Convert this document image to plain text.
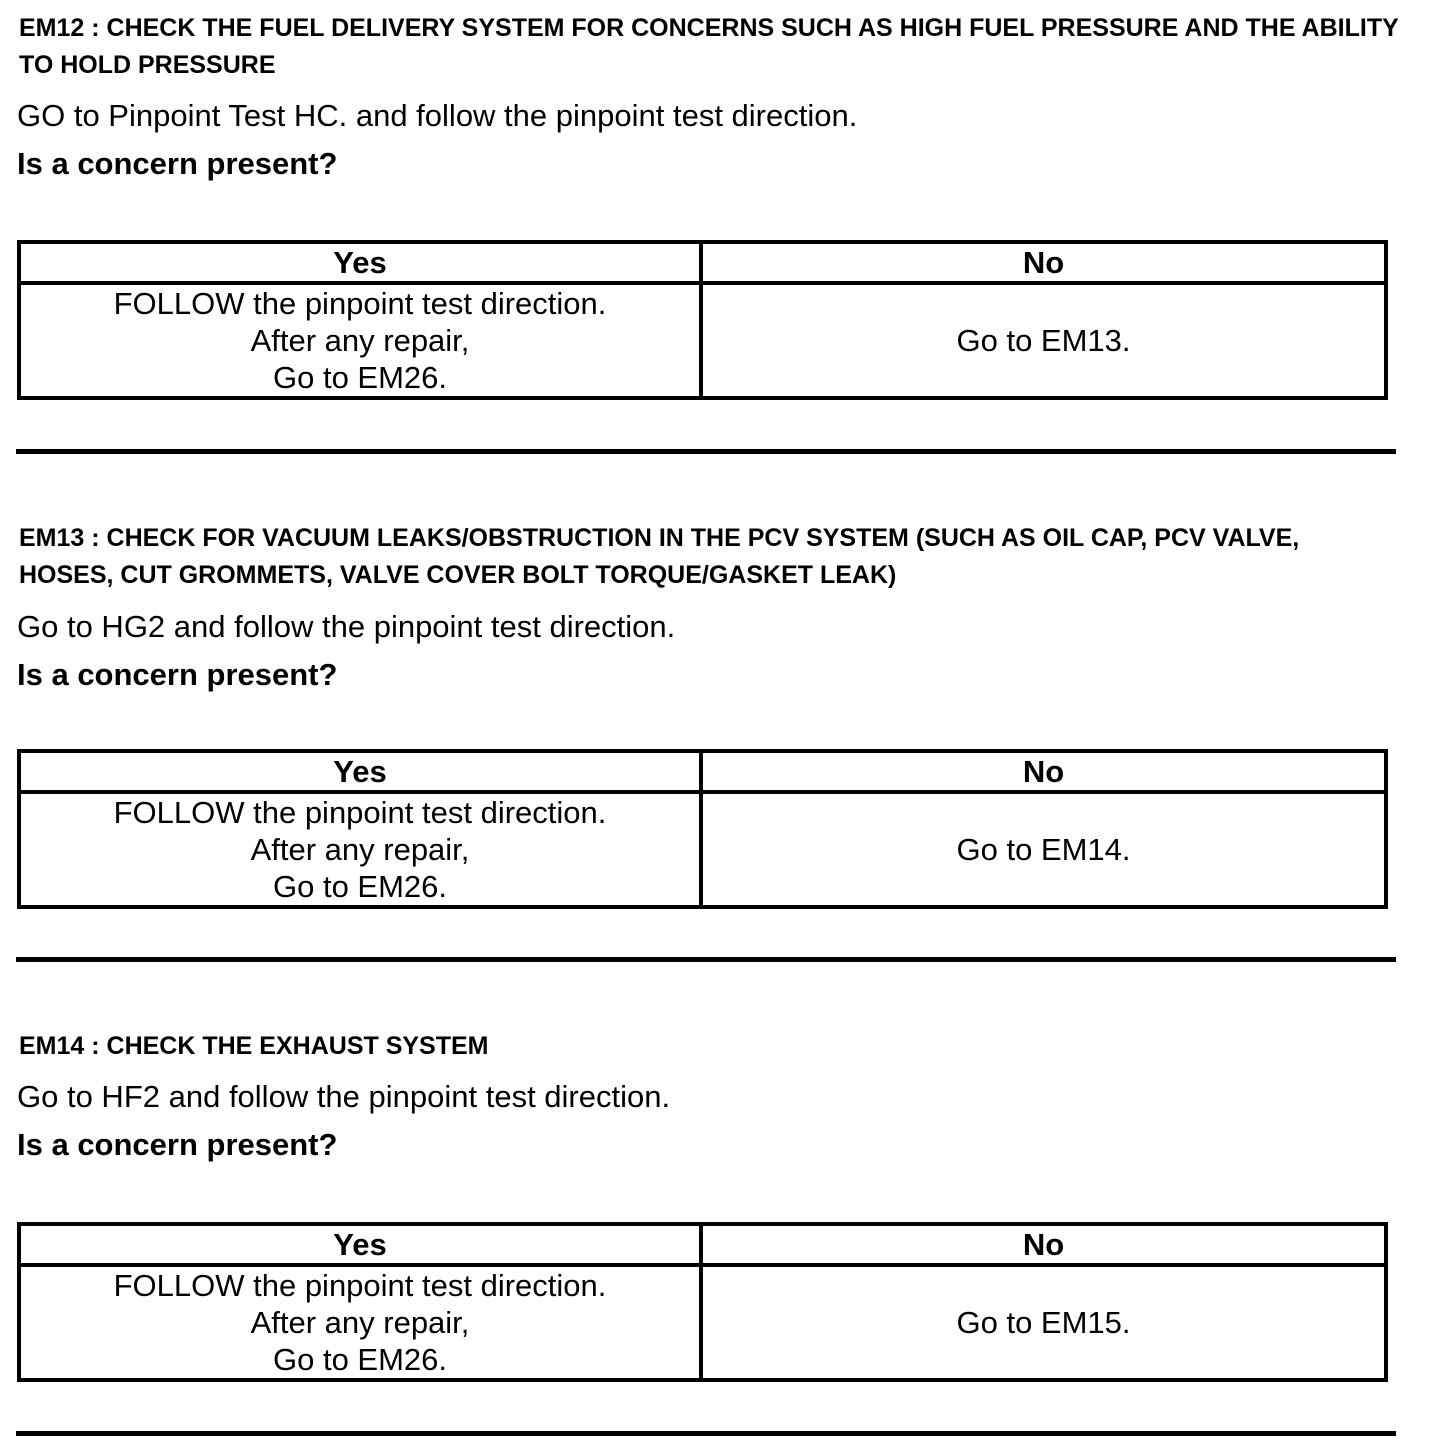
EM12 : CHECK THE FUEL DELIVERY SYSTEM FOR CONCERNS SUCH AS HIGH FUEL PRESSURE AND THE ABILITY TO HOLD PRESSURE

GO to Pinpoint Test HC. and follow the pinpoint test direction.

Is a concern present?

Yes	No

FOLLOW the pinpoint test direction.
After any repair,
Go to EM26.	Go to EM13.

EM13 : CHECK FOR VACUUM LEAKS/OBSTRUCTION IN THE PCV SYSTEM (SUCH AS OIL CAP, PCV VALVE, HOSES, CUT GROMMETS, VALVE COVER BOLT TORQUE/GASKET LEAK)

Go to HG2 and follow the pinpoint test direction.

Is a concern present?

Yes	No

FOLLOW the pinpoint test direction.
After any repair,
Go to EM26.	Go to EM14.

EM14 : CHECK THE EXHAUST SYSTEM

Go to HF2 and follow the pinpoint test direction.

Is a concern present?

Yes	No

FOLLOW the pinpoint test direction.
After any repair,
Go to EM26.	Go to EM15.
